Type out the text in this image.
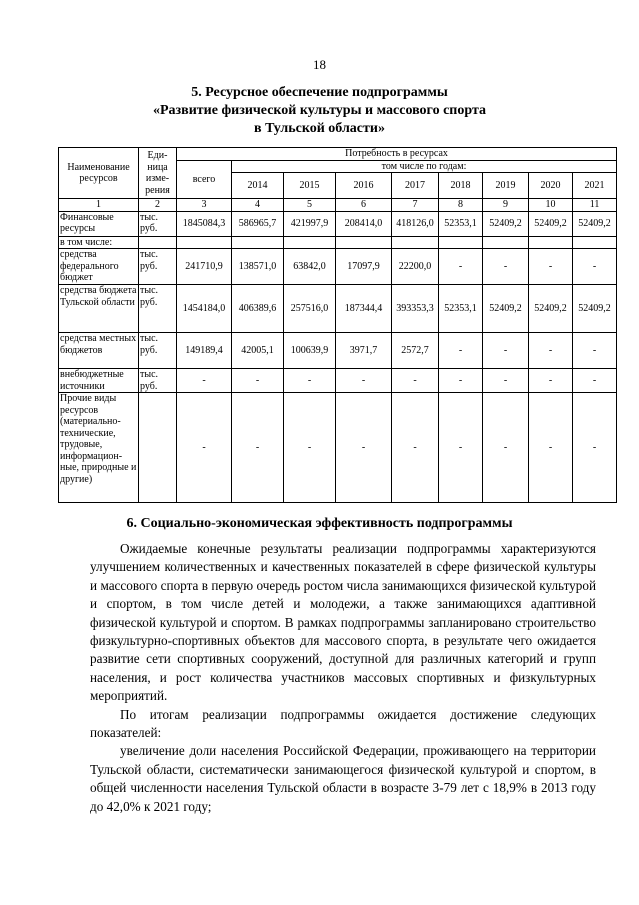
18
5. Ресурсное обеспечение подпрограммы
«Развитие физической культуры и массового спорта
в Тульской области»
Наименование ресурсов	Еди- ница изме- рения	Потребность в ресурсах								
		всего	том числе по годам:							
			2014	2015	2016	2017	2018	2019	2020	2021
1	2	3	4	5	6	7	8	9	10	11
Финансовые ресурсы	тыс. руб.	1845084,3	586965,7	421997,9	208414,0	418126,0	52353,1	52409,2	52409,2	52409,2
в том числе:										
средства федерального бюджет	тыс. руб.	241710,9	138571,0	63842,0	17097,9	22200,0	-	-	-	-
средства бюджета Тульской области	тыс. руб.	1454184,0	406389,6	257516,0	187344,4	393353,3	52353,1	52409,2	52409,2	52409,2
средства местных бюджетов	тыс. руб.	149189,4	42005,1	100639,9	3971,7	2572,7	-	-	-	-
внебюджетные источники	тыс. руб.	-	-	-	-	-	-	-	-	-
Прочие виды ресурсов (материально- технические, трудовые, информацион- ные, природные и другие)		-	-	-	-	-	-	-	-	-
6. Социально-экономическая эффективность подпрограммы

Ожидаемые конечные результаты реализации подпрограммы характеризуются улучшением количественных и качественных показателей в сфере физической культуры и массового спорта в первую очередь ростом числа занимающихся физической культурой и спортом, в том числе детей и молодежи, а также занимающихся адаптивной физической культурой и спортом. В рамках подпрограммы запланировано строительство физкультурно-спортивных объектов для массового спорта, в результате чего ожидается развитие сети спортивных сооружений, доступной для различных категорий и групп населения, и рост количества участников массовых спортивных и физкультурных мероприятий.

По итогам реализации подпрограммы ожидается достижение следующих показателей:

увеличение доли населения Российской Федерации, проживающего на территории Тульской области, систематически занимающегося физической культурой и спортом, в общей численности населения Тульской области в возрасте 3-79 лет с 18,9% в 2013 году до 42,0% к 2021 году;
